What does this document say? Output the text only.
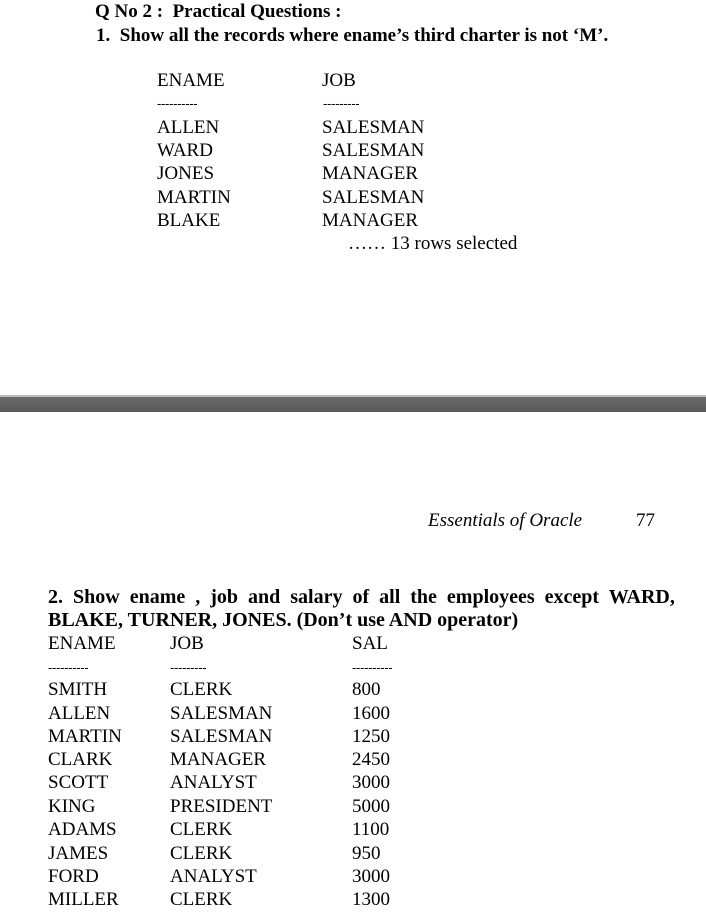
Q No 2 :  Practical Questions :
1.  Show all the records where ename’s third charter is not ‘M’.
ENAME	JOB
----------	---------
ALLEN	SALESMAN
WARD	SALESMAN
JONES	MANAGER
MARTIN	SALESMAN
BLAKE	MANAGER
…… 13 rows selected
Essentials of Oracle	77
2.  Show  ename  ,  job  and  salary  of  all  the  employees  except  WARD,
BLAKE, TURNER, JONES. (Don’t use AND operator)
ENAME	JOB	SAL
----------	---------	----------
SMITH	CLERK	800
ALLEN	SALESMAN	1600
MARTIN	SALESMAN	1250
CLARK	MANAGER	2450
SCOTT	ANALYST	3000
KING	PRESIDENT	5000
ADAMS	CLERK	1100
JAMES	CLERK	950
FORD	ANALYST	3000
MILLER	CLERK	1300
